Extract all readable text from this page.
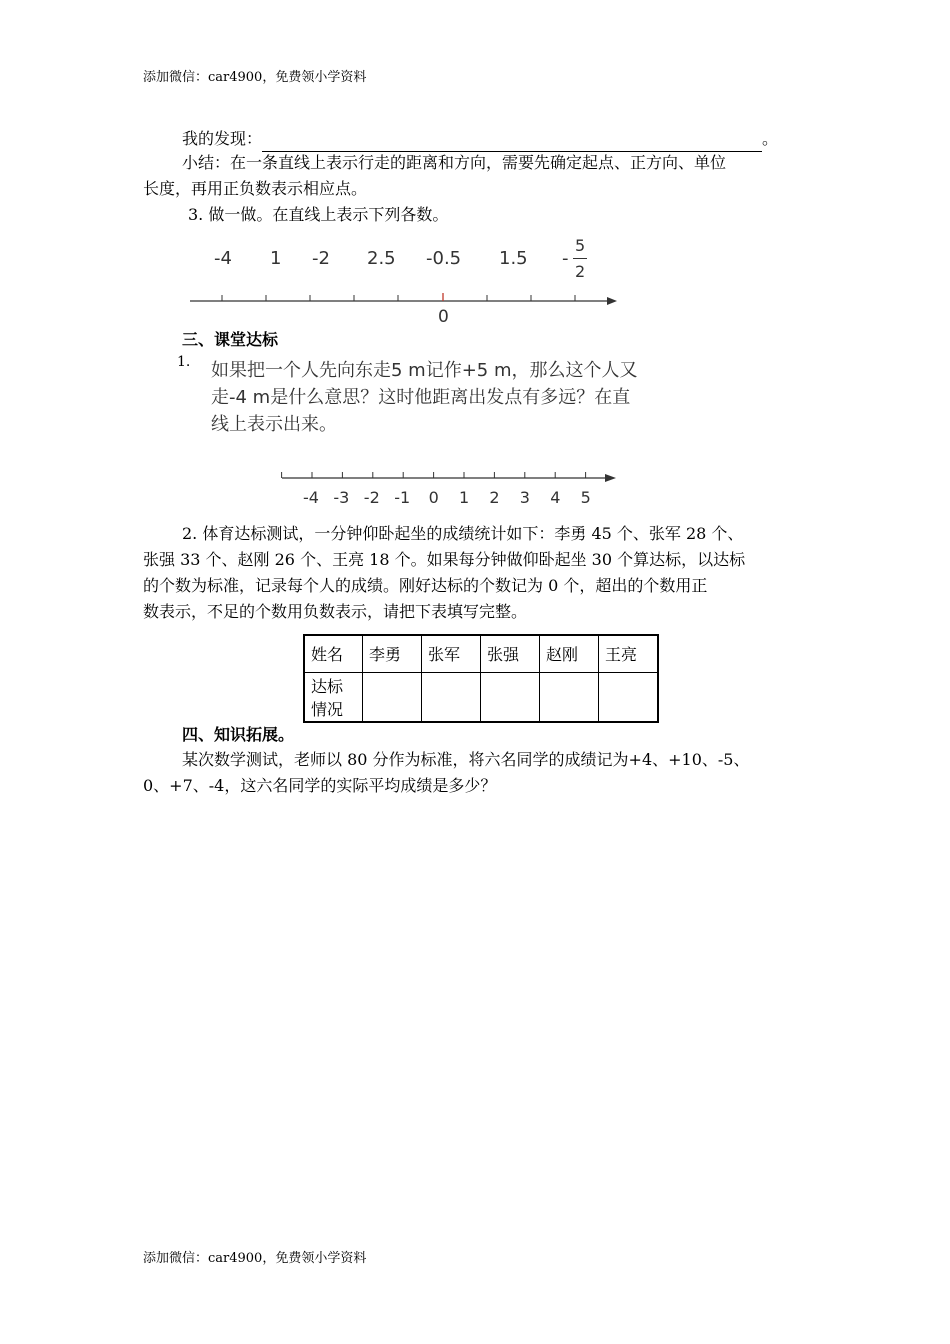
添加微信：car4900，免费领小学资料
我的发现：	。
小结：在一条直线上表示行走的距离和方向，需要先确定起点、正方向、单位
长度，再用正负数表示相应点。
3. 做一做。在直线上表示下列各数。
-4 1 -2 2.5 -0.5 1.5 -
5
2
0
三、课堂达标
1. 如果把一个人先向东走5 m记作+5 m，那么这个人又
走-4 m是什么意思？这时他距离出发点有多远？在直
线上表示出来。
-4 -3 -2 -1 0 1 2 3 4 5
2. 体育达标测试，一分钟仰卧起坐的成绩统计如下：李勇 45 个、张军 28 个、
张强 33 个、赵刚 26 个、王亮 18 个。如果每分钟做仰卧起坐 30 个算达标，以达标
的个数为标准，记录每个人的成绩。刚好达标的个数记为 0 个，超出的个数用正
数表示，不足的个数用负数表示，请把下表填写完整。
姓名	李勇	张军	张强	赵刚	王亮

达标
情况					

四、知识拓展。
某次数学测试，老师以 80 分作为标准，将六名同学的成绩记为+4、+10、-5、
0、+7、-4，这六名同学的实际平均成绩是多少？
添加微信：car4900，免费领小学资料
